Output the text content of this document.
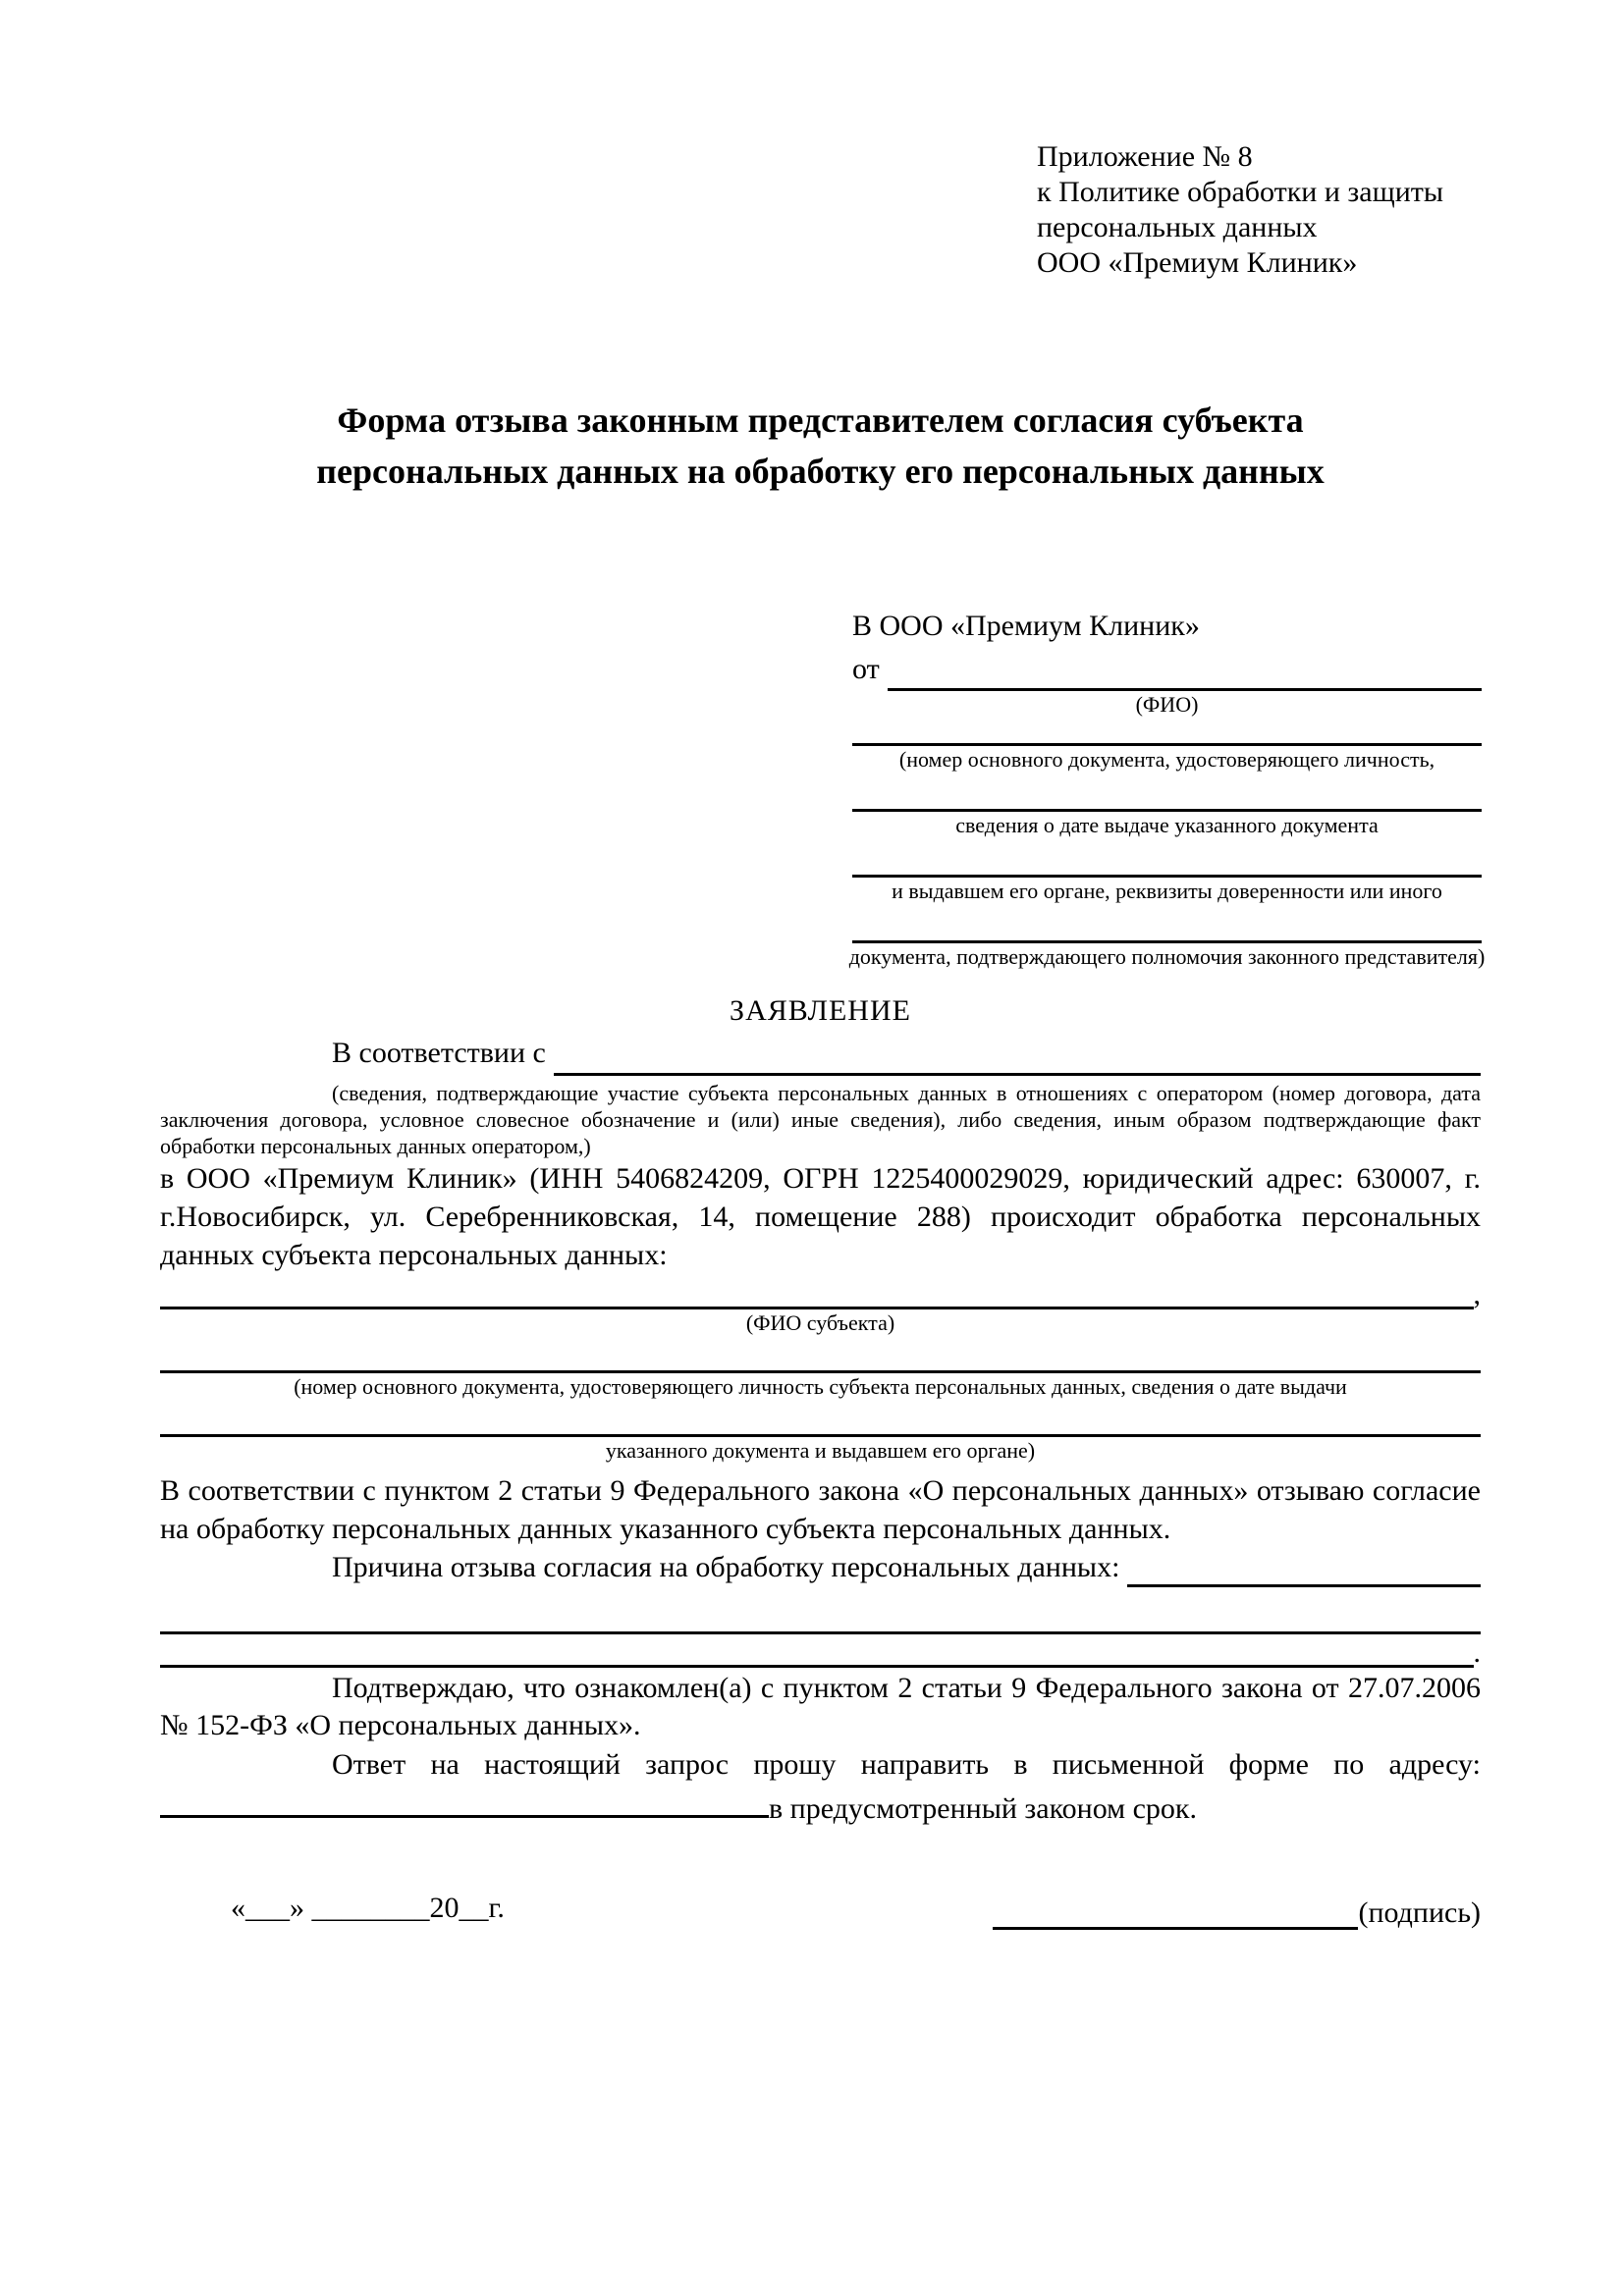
Приложение № 8
к Политике обработки и защиты
персональных данных
ООО «Премиум Клиник»
Форма отзыва законным представителем согласия субъекта персональных данных на обработку его персональных данных
В ООО «Премиум Клиник»
от
(ФИО)
(номер основного документа, удостоверяющего личность,
сведения о дате выдаче указанного документа
и выдавшем его органе, реквизиты доверенности или иного
документа, подтверждающего полномочия законного представителя)
ЗАЯВЛЕНИЕ
В соответствии с
(сведения, подтверждающие участие субъекта персональных данных в отношениях с оператором (номер договора, дата заключения договора, условное словесное обозначение и (или) иные сведения), либо сведения, иным образом подтверждающие факт обработки персональных данных оператором,)

в ООО «Премиум Клиник» (ИНН 5406824209, ОГРН 1225400029029, юридический адрес: 630007, г. г.Новосибирск, ул. Серебренниковская, 14, помещение 288) происходит обработка персональных данных субъекта персональных данных:

,
(ФИО субъекта)
(номер основного документа, удостоверяющего личность субъекта персональных данных, сведения о дате выдачи
указанного документа и выдавшем его органе)

В соответствии с пунктом 2 статьи 9 Федерального закона «О персональных данных» отзываю согласие на обработку персональных данных указанного субъекта персональных данных.

Причина отзыва согласия на обработку персональных данных:
.

Подтверждаю, что ознакомлен(а) с пунктом 2 статьи 9 Федерального закона от 27.07.2006 № 152-ФЗ «О персональных данных».

Ответ на настоящий запрос прошу направить в письменной форме по адресу: в предусмотренный законом срок.

«___» ________20__г.	(подпись)
